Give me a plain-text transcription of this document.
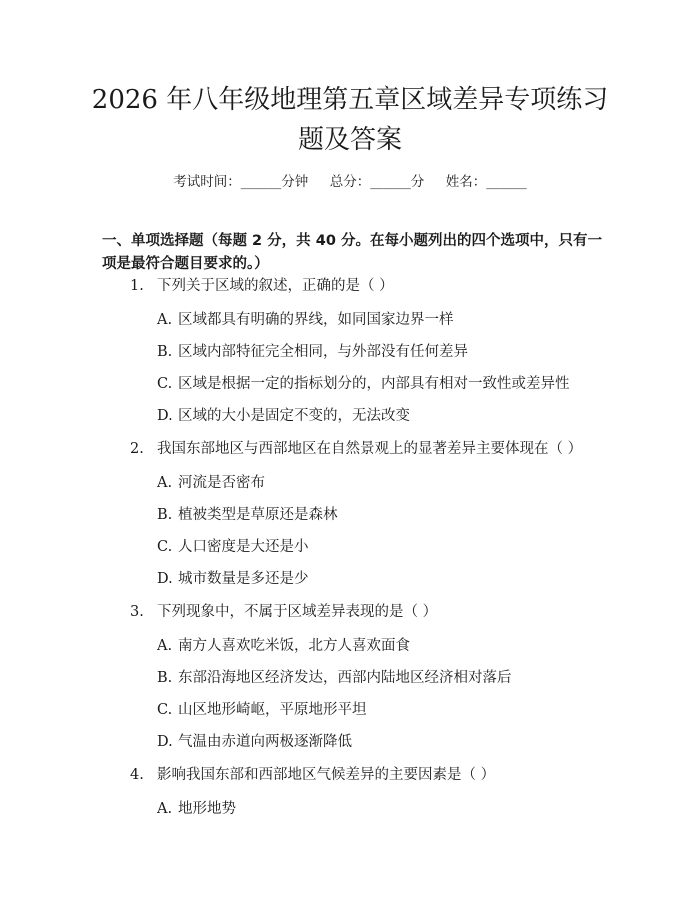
2026 年八年级地理第五章区域差异专项练习
题及答案
考试时间：______分钟     总分：______分     姓名：______
一、单项选择题（每题 2 分，共 40 分。在每小题列出的四个选项中，只有一项是最符合题目要求的。）
1. 下列关于区域的叙述，正确的是（ ）
A. 区域都具有明确的界线，如同国家边界一样
B. 区域内部特征完全相同，与外部没有任何差异
C. 区域是根据一定的指标划分的，内部具有相对一致性或差异性
D. 区域的大小是固定不变的，无法改变
2. 我国东部地区与西部地区在自然景观上的显著差异主要体现在（ ）
A. 河流是否密布
B. 植被类型是草原还是森林
C. 人口密度是大还是小
D. 城市数量是多还是少
3. 下列现象中，不属于区域差异表现的是（ ）
A. 南方人喜欢吃米饭，北方人喜欢面食
B. 东部沿海地区经济发达，西部内陆地区经济相对落后
C. 山区地形崎岖，平原地形平坦
D. 气温由赤道向两极逐渐降低
4. 影响我国东部和西部地区气候差异的主要因素是（ ）
A. 地形地势
